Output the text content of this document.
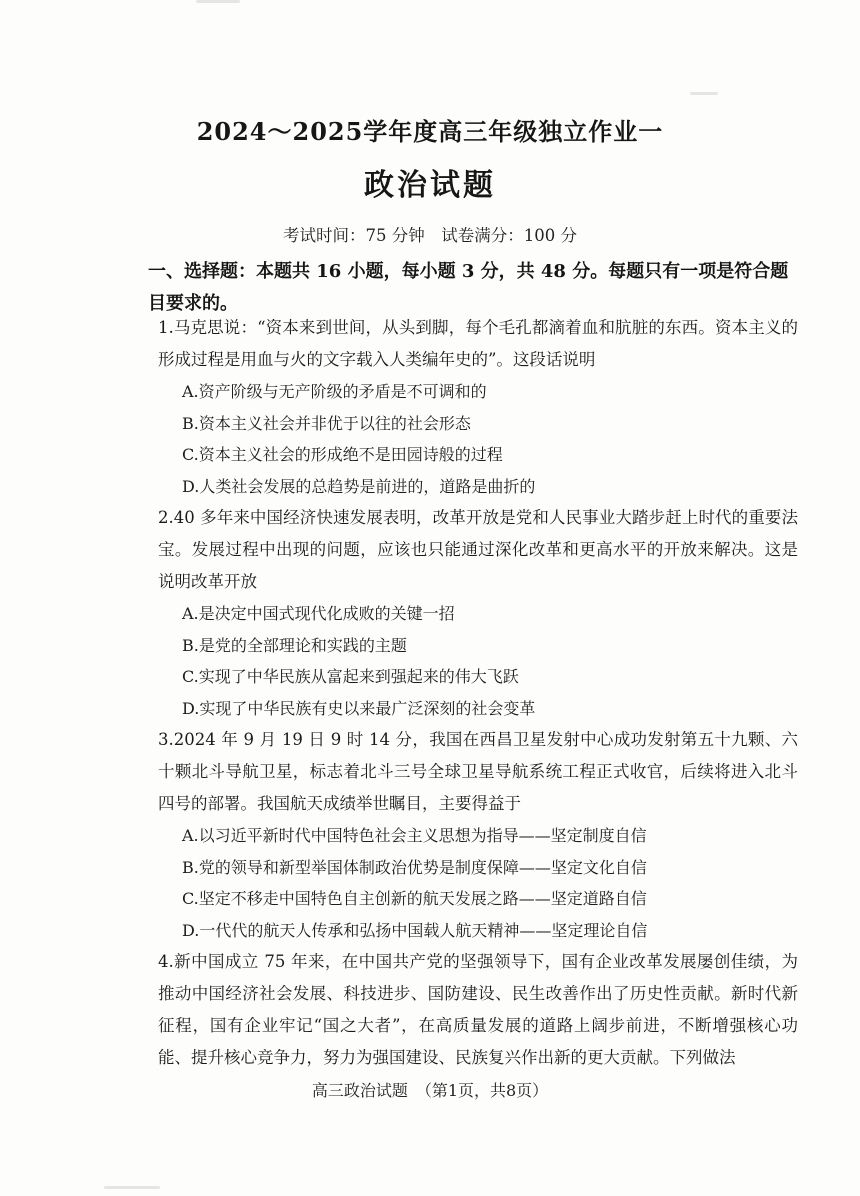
2024～2025学年度高三年级独立作业一
政治试题
考试时间：75 分钟　试卷满分：100 分
一、选择题：本题共 16 小题，每小题 3 分，共 48 分。每题只有一项是符合题目要求的。
1.马克思说：“资本来到世间，从头到脚，每个毛孔都滴着血和肮脏的东西。资本主义的形成过程是用血与火的文字载入人类编年史的”。这段话说明
A.资产阶级与无产阶级的矛盾是不可调和的
B.资本主义社会并非优于以往的社会形态
C.资本主义社会的形成绝不是田园诗般的过程
D.人类社会发展的总趋势是前进的，道路是曲折的
2.40 多年来中国经济快速发展表明，改革开放是党和人民事业大踏步赶上时代的重要法宝。发展过程中出现的问题，应该也只能通过深化改革和更高水平的开放来解决。这是说明改革开放
A.是决定中国式现代化成败的关键一招
B.是党的全部理论和实践的主题
C.实现了中华民族从富起来到强起来的伟大飞跃
D.实现了中华民族有史以来最广泛深刻的社会变革
3.2024 年 9 月 19 日 9 时 14 分，我国在西昌卫星发射中心成功发射第五十九颗、六十颗北斗导航卫星，标志着北斗三号全球卫星导航系统工程正式收官，后续将进入北斗四号的部署。我国航天成绩举世瞩目，主要得益于
A.以习近平新时代中国特色社会主义思想为指导——坚定制度自信
B.党的领导和新型举国体制政治优势是制度保障——坚定文化自信
C.坚定不移走中国特色自主创新的航天发展之路——坚定道路自信
D.一代代的航天人传承和弘扬中国载人航天精神——坚定理论自信
4.新中国成立 75 年来，在中国共产党的坚强领导下，国有企业改革发展屡创佳绩，为推动中国经济社会发展、科技进步、国防建设、民生改善作出了历史性贡献。新时代新征程，国有企业牢记“国之大者”，在高质量发展的道路上阔步前进，不断增强核心功能、提升核心竞争力，努力为强国建设、民族复兴作出新的更大贡献。下列做法
高三政治试题　（第1页，共8页）
